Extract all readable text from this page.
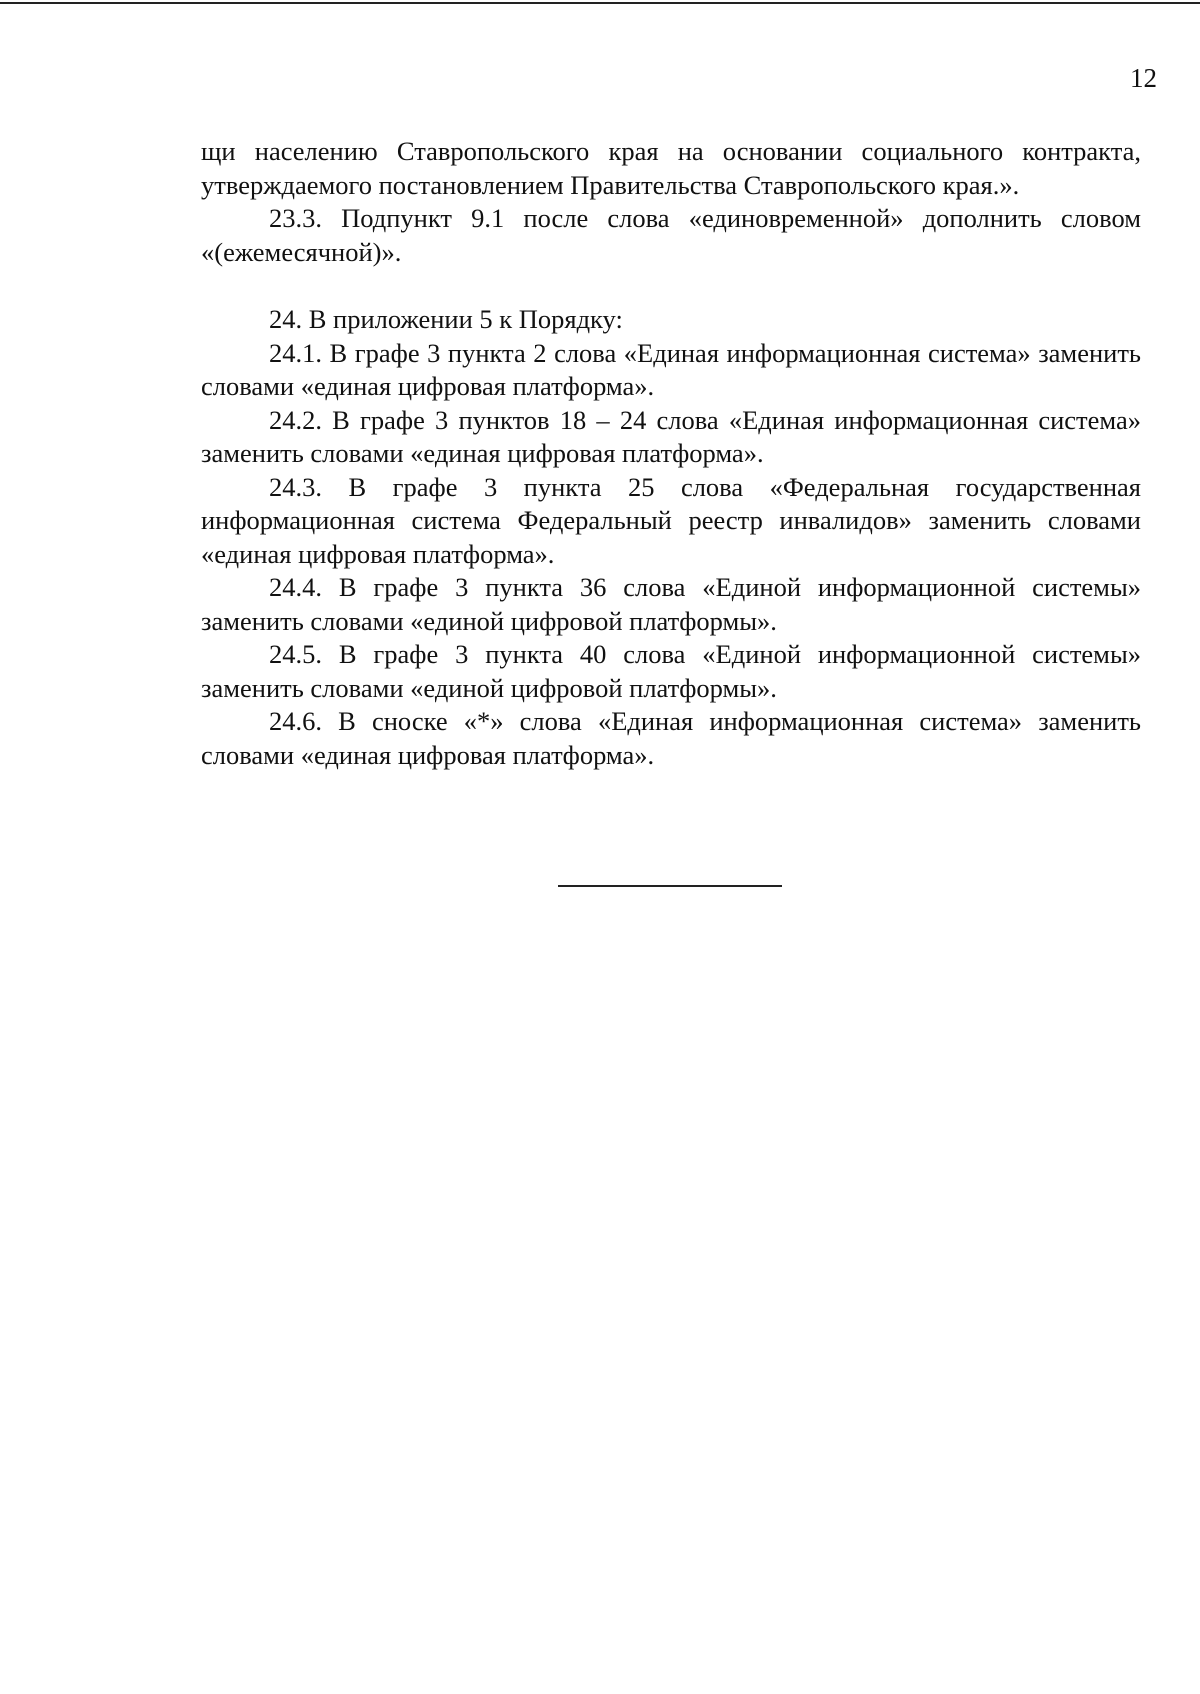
12

щи населению Ставропольского края на основании социального контракта, утверждаемого постановлением Правительства Ставропольского края.».

23.3. Подпункт 9.1 после слова «единовременной» дополнить словом «(ежемесячной)».

24. В приложении 5 к Порядку:

24.1. В графе 3 пункта 2 слова «Единая информационная система» заменить словами «единая цифровая платформа».

24.2. В графе 3 пунктов 18 – 24 слова «Единая информационная система» заменить словами «единая цифровая платформа».

24.3. В графе 3 пункта 25 слова «Федеральная государственная информационная система Федеральный реестр инвалидов» заменить словами «единая цифровая платформа».

24.4. В графе 3 пункта 36 слова «Единой информационной системы» заменить словами «единой цифровой платформы».

24.5. В графе 3 пункта 40 слова «Единой информационной системы» заменить словами «единой цифровой платформы».

24.6. В сноске «*» слова «Единая информационная система» заменить словами «единая цифровая платформа».
